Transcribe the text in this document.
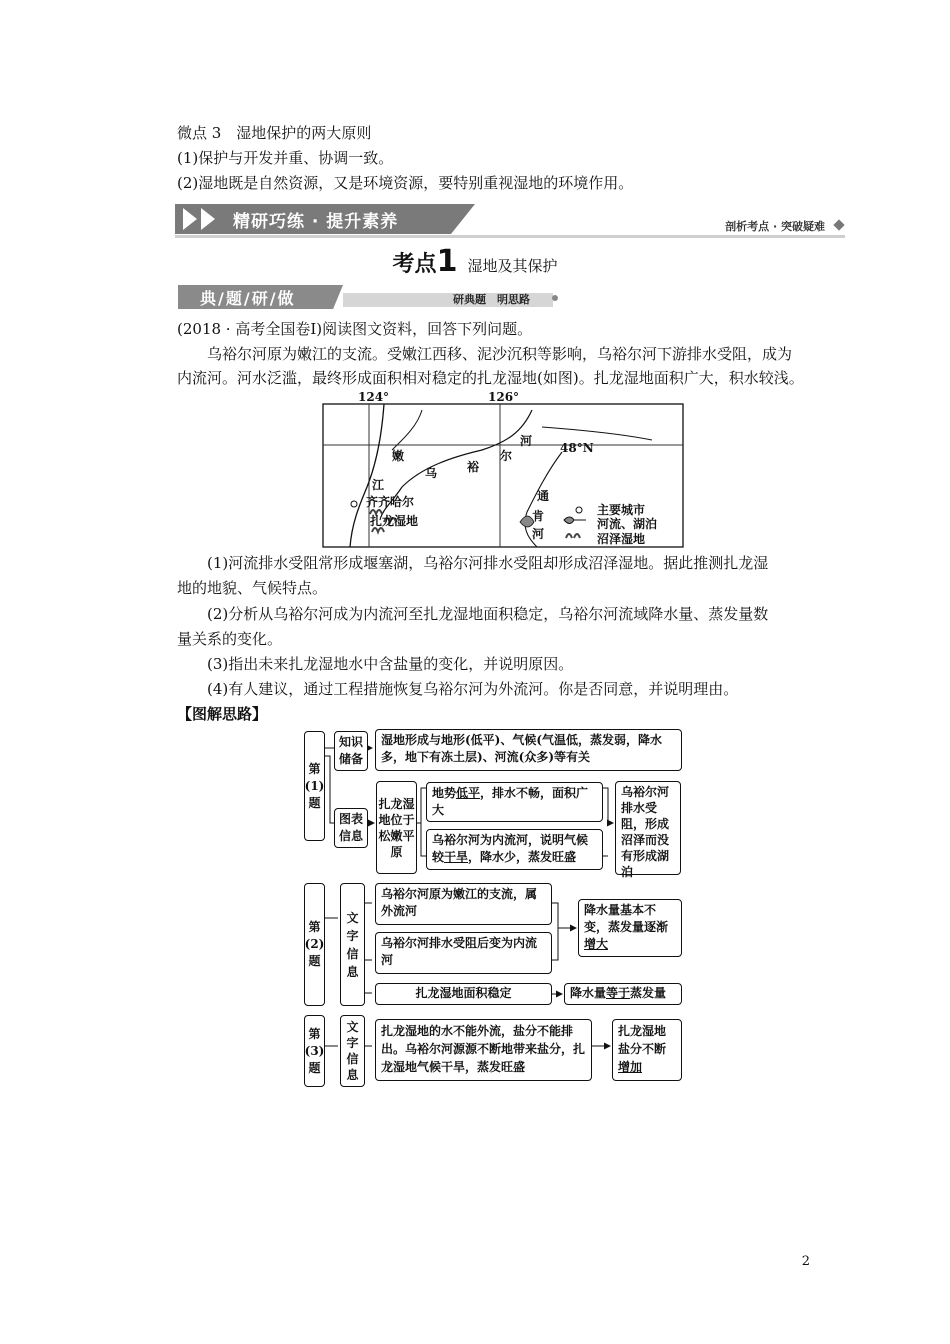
微点 3　湿地保护的两大原则
(1)保护与开发并重、协调一致。
(2)湿地既是自然资源，又是环境资源，要特别重视湿地的环境作用。
精研巧练 · 提升素养	剖析考点 · 突破疑难
考点1 湿地及其保护
典/题/研/做	研典题　明思路
(2018 · 高考全国卷Ⅰ)阅读图文资料，回答下列问题。
乌裕尔河原为嫩江的支流。受嫩江西移、泥沙沉积等影响，乌裕尔河下游排水受阻，成为
内流河。河水泛滥，最终形成面积相对稳定的扎龙湿地(如图)。扎龙湿地面积广大，积水较浅。
124°	126°
48°N
嫩
江
乌 裕
尔
河
齐齐哈尔
扎龙湿地
通
肯
河
主要城市
河流、湖泊
沼泽湿地
(1)河流排水受阻常形成堰塞湖，乌裕尔河排水受阻却形成沼泽湿地。据此推测扎龙湿
地的地貌、气候特点。
(2)分析从乌裕尔河成为内流河至扎龙湿地面积稳定，乌裕尔河流域降水量、蒸发量数
量关系的变化。
(3)指出未来扎龙湿地水中含盐量的变化，并说明原因。
(4)有人建议，通过工程措施恢复乌裕尔河为外流河。你是否同意，并说明理由。
【图解思路】
第(1)题
知识储备
湿地形成与地形(低平)、气候(气温低，蒸发弱，降水多，地下有冻土层)、河流(众多)等有关
图表信息
扎龙湿地位于松嫩平原
地势低平，排水不畅，面积广大
乌裕尔河为内流河，说明气候较干旱，降水少，蒸发旺盛
乌裕尔河排水受阻，形成沼泽而没有形成湖泊
第(2)题
文字信息
乌裕尔河原为嫩江的支流，属外流河
乌裕尔河排水受阻后变为内流河
降水量基本不变，蒸发量逐渐增大
扎龙湿地面积稳定	降水量等于蒸发量
第(3)题
文字信息
扎龙湿地的水不能外流，盐分不能排出。乌裕尔河源源不断地带来盐分，扎龙湿地气候干旱，蒸发旺盛
扎龙湿地盐分不断增加
2
